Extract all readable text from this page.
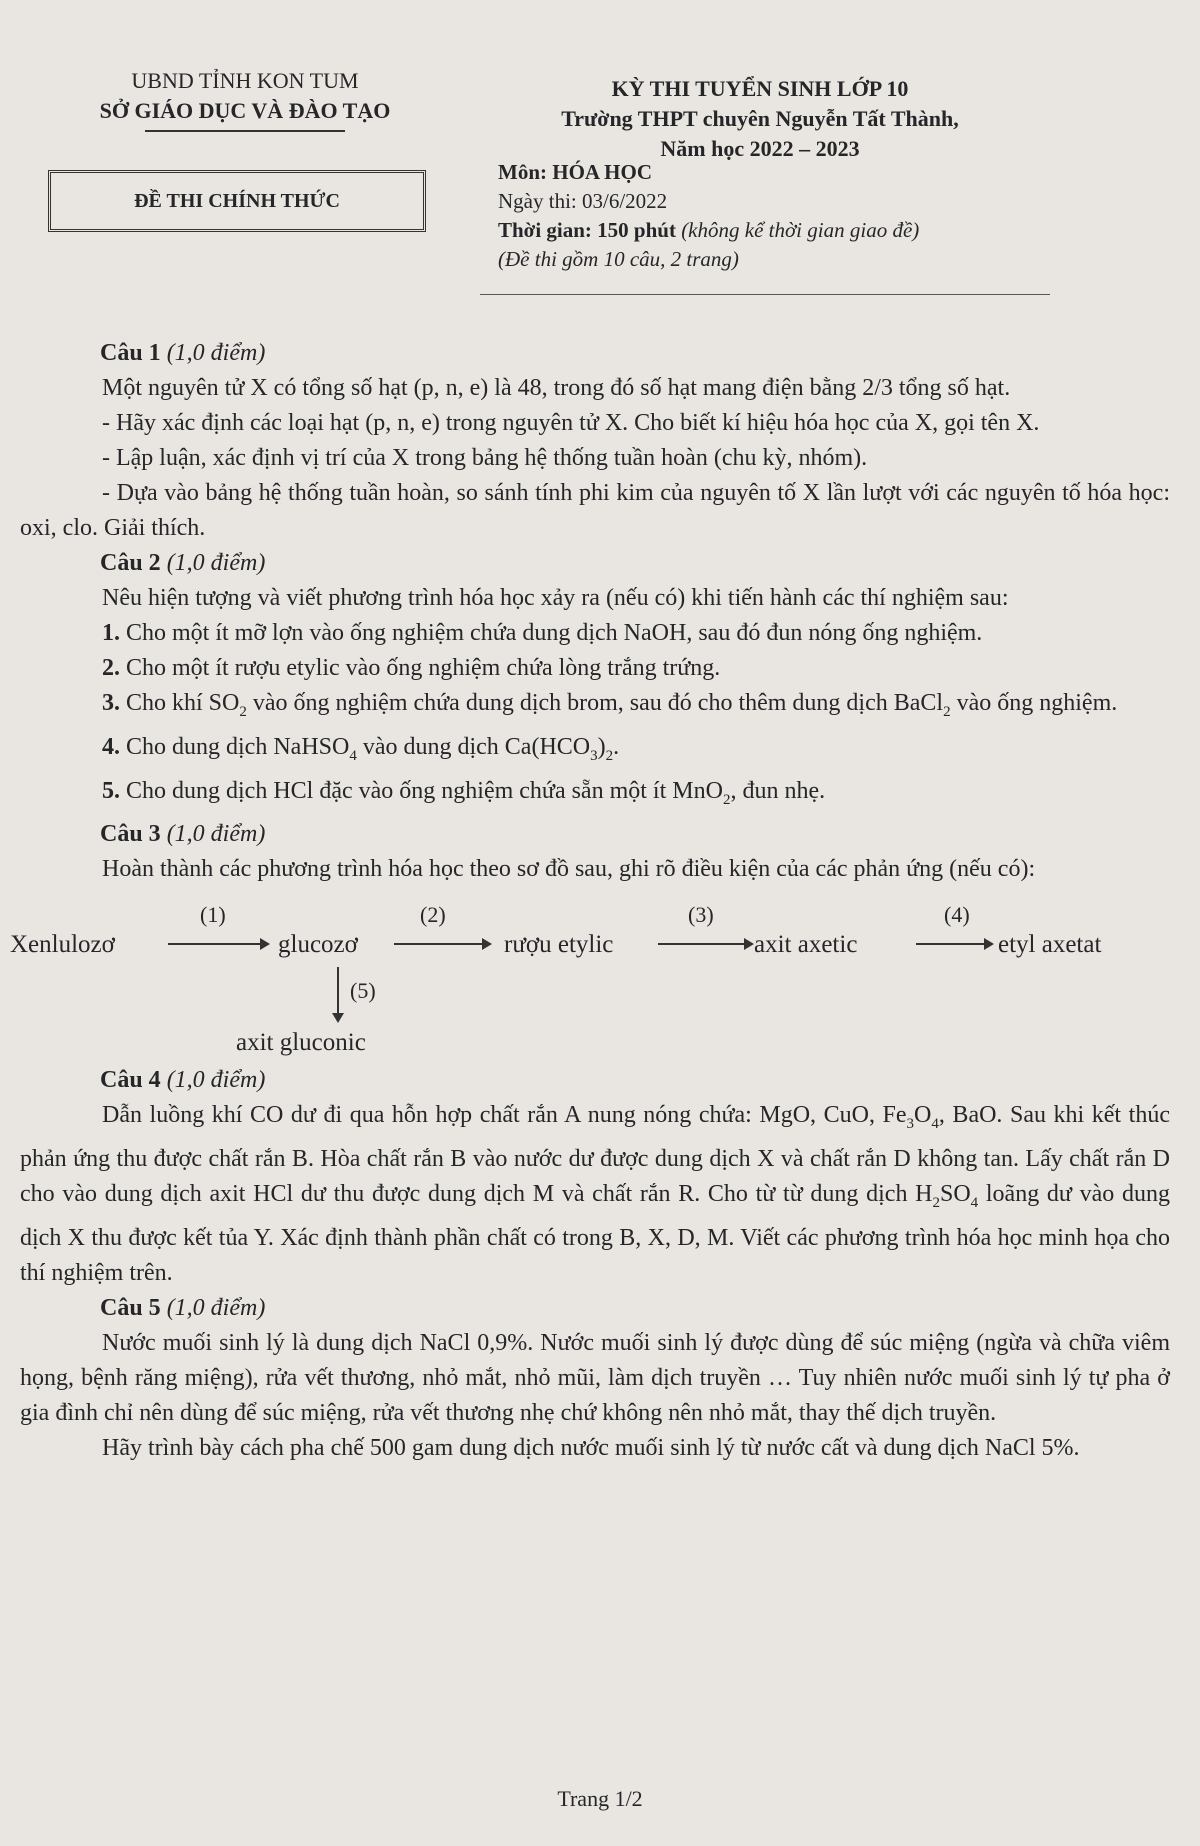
UBND TỈNH KON TUM
SỞ GIÁO DỤC VÀ ĐÀO TẠO
ĐỀ THI CHÍNH THỨC
KỲ THI TUYỂN SINH LỚP 10
Trường THPT chuyên Nguyễn Tất Thành,
Năm học 2022 – 2023
Môn: HÓA HỌC
Ngày thi: 03/6/2022
Thời gian: 150 phút (không kể thời gian giao đề)
(Đề thi gồm 10 câu, 2 trang)

Câu 1 (1,0 điểm)

Một nguyên tử X có tổng số hạt (p, n, e) là 48, trong đó số hạt mang điện bằng 2/3 tổng số hạt.

- Hãy xác định các loại hạt (p, n, e) trong nguyên tử X. Cho biết kí hiệu hóa học của X, gọi tên X.

- Lập luận, xác định vị trí của X trong bảng hệ thống tuần hoàn (chu kỳ, nhóm).

- Dựa vào bảng hệ thống tuần hoàn, so sánh tính phi kim của nguyên tố X lần lượt với các nguyên tố hóa học: oxi, clo. Giải thích.

Câu 2 (1,0 điểm)

Nêu hiện tượng và viết phương trình hóa học xảy ra (nếu có) khi tiến hành các thí nghiệm sau:

1. Cho một ít mỡ lợn vào ống nghiệm chứa dung dịch NaOH, sau đó đun nóng ống nghiệm.

2. Cho một ít rượu etylic vào ống nghiệm chứa lòng trắng trứng.

3. Cho khí $SO_2$ vào ống nghiệm chứa dung dịch brom, sau đó cho thêm dung dịch BaCl$_2$ vào ống nghiệm.

4. Cho dung dịch NaHSO$_4$ vào dung dịch $Ca(HCO_3)_2$.

5. Cho dung dịch HCl đặc vào ống nghiệm chứa sẵn một ít MnO$_2$, đun nhẹ.

Câu 3 (1,0 điểm)

Hoàn thành các phương trình hóa học theo sơ đồ sau, ghi rõ điều kiện của các phản ứng (nếu có):

Xenlulozơ
(1)
glucozơ
(2)
rượu etylic
(3)
axit axetic
(4)
etyl axetat
(5)
axit gluconic

Câu 4 (1,0 điểm)

Dẫn luồng khí CO dư đi qua hỗn hợp chất rắn A nung nóng chứa: MgO, CuO, $Fe_3O_4$, BaO. Sau khi kết thúc phản ứng thu được chất rắn B. Hòa chất rắn B vào nước dư được dung dịch X và chất rắn D không tan. Lấy chất rắn D cho vào dung dịch axit HCl dư thu được dung dịch M và chất rắn R. Cho từ từ dung dịch $H_2SO_4$ loãng dư vào dung dịch X thu được kết tủa Y. Xác định thành phần chất có trong B, X, D, M. Viết các phương trình hóa học minh họa cho thí nghiệm trên.

Câu 5 (1,0 điểm)

Nước muối sinh lý là dung dịch NaCl 0,9%. Nước muối sinh lý được dùng để súc miệng (ngừa và chữa viêm họng, bệnh răng miệng), rửa vết thương, nhỏ mắt, nhỏ mũi, làm dịch truyền … Tuy nhiên nước muối sinh lý tự pha ở gia đình chỉ nên dùng để súc miệng, rửa vết thương nhẹ chứ không nên nhỏ mắt, thay thế dịch truyền.

Hãy trình bày cách pha chế 500 gam dung dịch nước muối sinh lý từ nước cất và dung dịch NaCl 5%.

Trang 1/2
